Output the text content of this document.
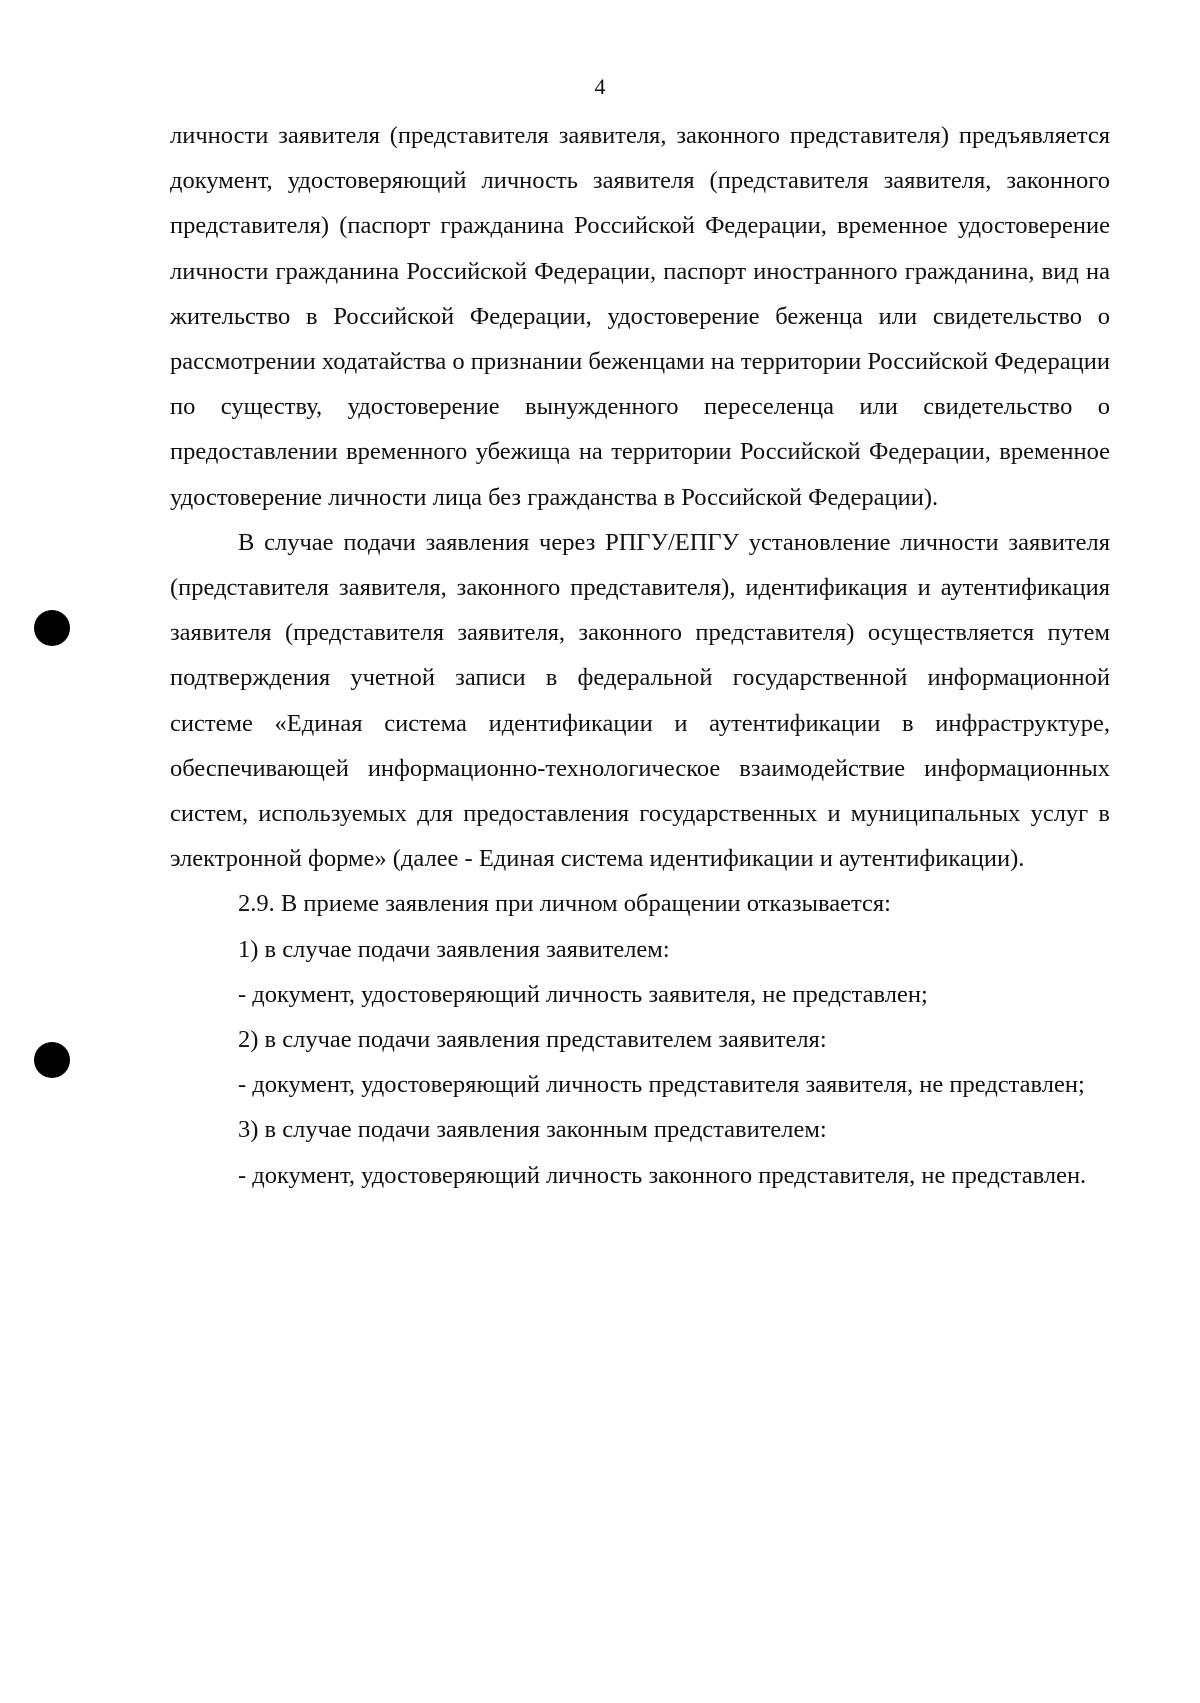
4

личности заявителя (представителя заявителя, законного представителя) предъявляется документ, удостоверяющий личность заявителя (представителя заявителя, законного представителя) (паспорт гражданина Российской Федерации, временное удостоверение личности гражданина Российской Федерации, паспорт иностранного гражданина, вид на жительство в Российской Федерации, удостоверение беженца или свидетельство о рассмотрении ходатайства о признании беженцами на территории Российской Федерации по существу, удостоверение вынужденного переселенца или свидетельство о предоставлении временного убежища на территории Российской Федерации, временное удостоверение личности лица без гражданства в Российской Федерации).

В случае подачи заявления через РПГУ/ЕПГУ установление личности заявителя (представителя заявителя, законного представителя), идентификация и аутентификация заявителя (представителя заявителя, законного представителя) осуществляется путем подтверждения учетной записи в федеральной государственной информационной системе «Единая система идентификации и аутентификации в инфраструктуре, обеспечивающей информационно-технологическое взаимодействие информационных систем, используемых для предоставления государственных и муниципальных услуг в электронной форме» (далее - Единая система идентификации и аутентификации).

2.9. В приеме заявления при личном обращении отказывается:

1) в случае подачи заявления заявителем:

- документ, удостоверяющий личность заявителя, не представлен;

2) в случае подачи заявления представителем заявителя:

- документ, удостоверяющий личность представителя заявителя, не представлен;

3) в случае подачи заявления законным представителем:

- документ, удостоверяющий личность законного представителя, не представлен.
